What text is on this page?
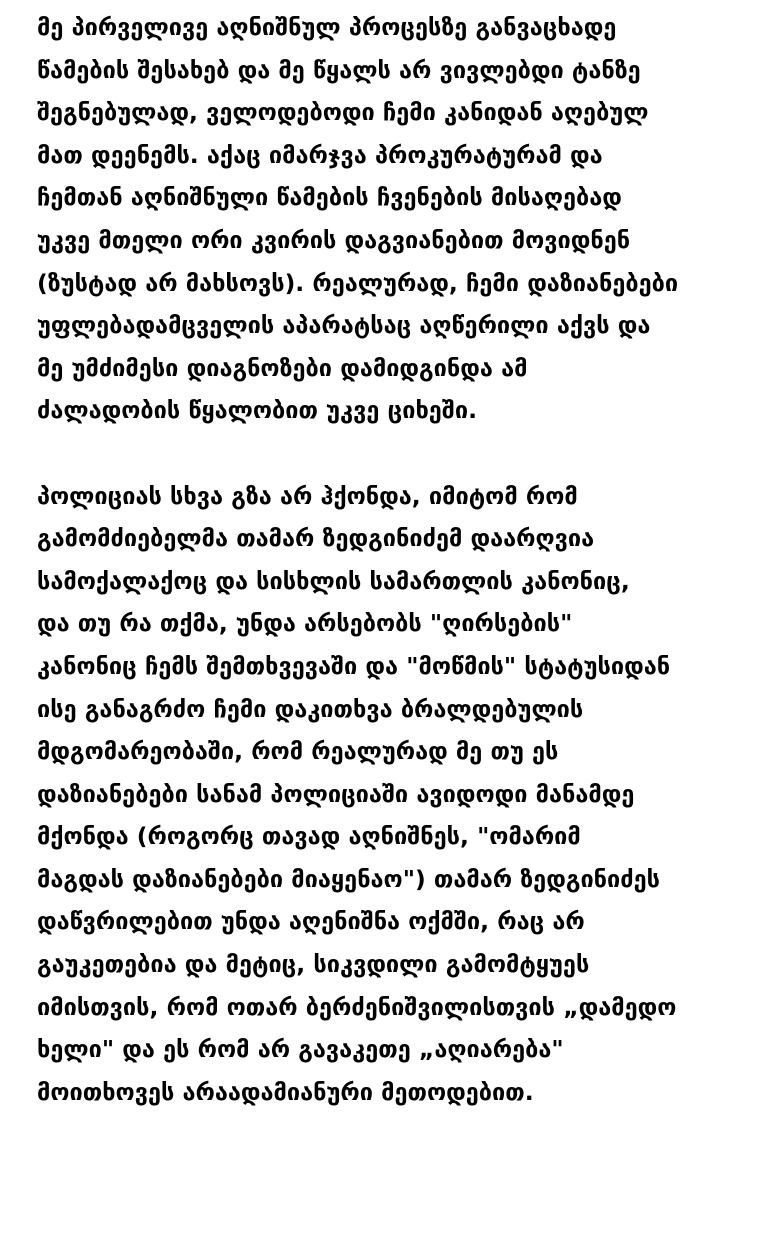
მე პირველივე აღნიშნულ პროცესზე განვაცხადე
წამების შესახებ და მე წყალს არ ვივლებდი ტანზე
შეგნებულად, ველოდებოდი ჩემი კანიდან აღებულ
მათ დეენემს. აქაც იმარჯვა პროკურატურამ და
ჩემთან აღნიშნული წამების ჩვენების მისაღებად
უკვე მთელი ორი კვირის დაგვიანებით მოვიდნენ
(ზუსტად არ მახსოვს). რეალურად, ჩემი დაზიანებები
უფლებადამცველის აპარატსაც აღწერილი აქვს და
მე უმძიმესი დიაგნოზები დამიდგინდა ამ
ძალადობის წყალობით უკვე ციხეში.
პოლიციას სხვა გზა არ ჰქონდა, იმიტომ რომ
გამომძიებელმა თამარ ზედგინიძემ დაარღვია
სამოქალაქოც და სისხლის სამართლის კანონიც,
და თუ რა თქმა, უნდა არსებობს "ღირსების"
კანონიც ჩემს შემთხვევაში და "მოწმის" სტატუსიდან
ისე განაგრძო ჩემი დაკითხვა ბრალდებულის
მდგომარეობაში, რომ რეალურად მე თუ ეს
დაზიანებები სანამ პოლიციაში ავიდოდი მანამდე
მქონდა (როგორც თავად აღნიშნეს, "ომარიმ
მაგდას დაზიანებები მიაყენაო") თამარ ზედგინიძეს
დაწვრილებით უნდა აღენიშნა ოქმში, რაც არ
გაუკეთებია და მეტიც, სიკვდილი გამომტყუეს
იმისთვის, რომ ოთარ ბერძენიშვილისთვის „დამედო
ხელი" და ეს რომ არ გავაკეთე „აღიარება"
მოითხოვეს არაადამიანური მეთოდებით.
